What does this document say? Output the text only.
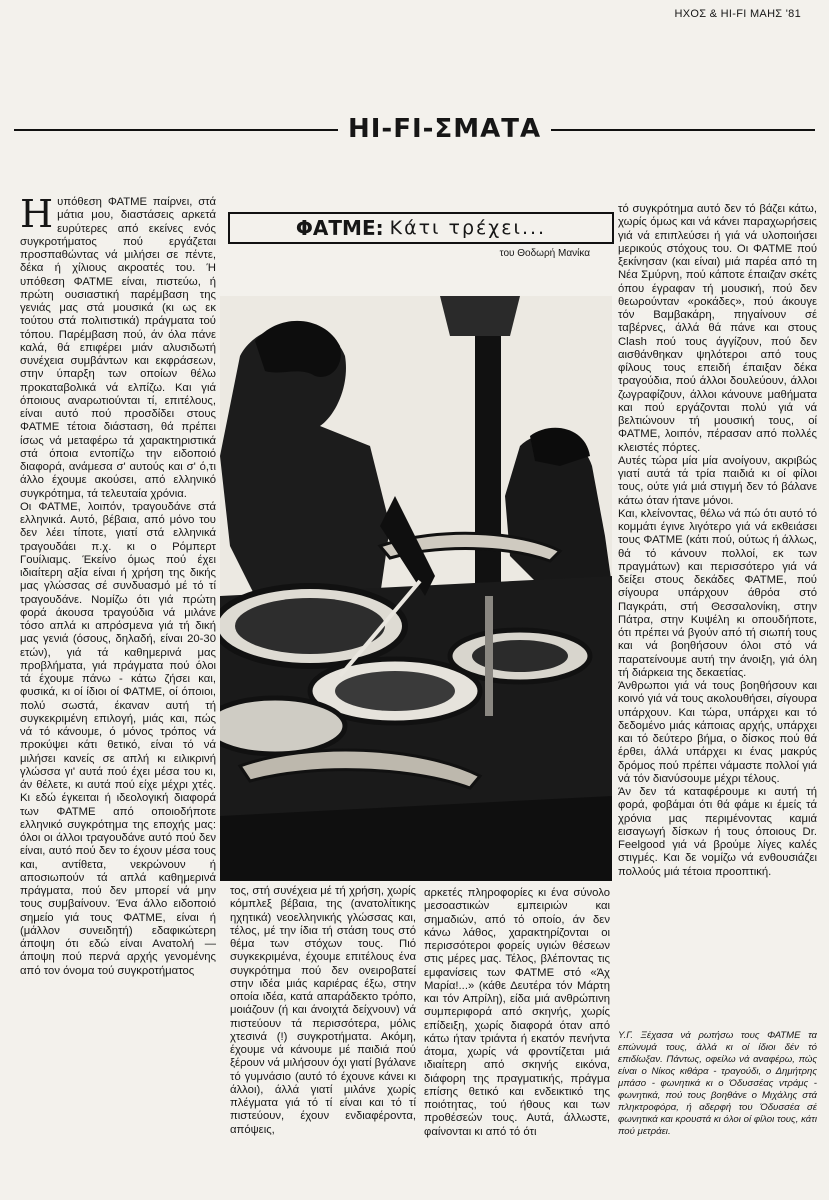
ΗΧΟΣ & HI-FI ΜΑΗΣ '81
HI-FI-ΣΜΑΤΑ

Ηυπόθεση ΦΑΤΜΕ παίρνει, στά μάτια μου, διαστάσεις αρκετά ευρύτερες από εκείνες ενός συγκροτήματος πού εργάζεται προσπαθώντας νά μιλήσει σε πέντε, δέκα ή χίλιους ακροατές του. Ή υπόθεση ΦΑΤΜΕ είναι, πιστεύω, ή πρώτη ουσιαστική παρέμβαση της γενιάς μας στά μουσικά (κι ως εκ τούτου στά πολιτιστικά) πράγματα τού τόπου. Παρέμβαση πού, άν όλα πάνε καλά, θά επιφέρει μιάν αλυσιδωτή συνέχεια συμβάντων και εκφράσεων, στην ύπαρξη των οποίων θέλω προκαταβολικά νά ελπίζω. Και γιά όποιους αναρωτιούνται τί, επιτέλους, είναι αυτό πού προσδίδει στους ΦΑΤΜΕ τέτοια διάσταση, θά πρέπει ίσως νά μεταφέρω τά χαρακτηριστικά στά όποια εντοπίζω την ειδοποιό διαφορά, ανάμεσα σ' αυτούς και σ' ό,τι άλλο έχουμε ακούσει, από ελληνικό συγκρότημα, τά τελευταία χρόνια.

Οι ΦΑΤΜΕ, λοιπόν, τραγουδάνε στά ελληνικά. Αυτό, βέβαια, από μόνο του δεν λέει τίποτε, γιατί στά ελληνικά τραγουδάει π.χ. κι ο Ρόμπερτ Γουίλιαμς. Έκείνο όμως πού έχει ιδιαίτερη αξία είναι ή χρήση της δικής μας γλώσσας σέ συνδυασμό μέ τό τί τραγουδάνε. Νομίζω ότι γιά πρώτη φορά άκουσα τραγούδια νά μιλάνε τόσο απλά κι απρόσμενα γιά τή δική μας γενιά (όσους, δηλαδή, είναι 20-30 ετών), γιά τά καθημερινά μας προβλήματα, γιά πράγματα πού όλοι τά έχουμε πάνω - κάτω ζήσει και, φυσικά, κι οί ίδιοι οί ΦΑΤΜΕ, οί όποιοι, πολύ σωστά, έκαναν αυτή τή συγκεκριμένη επιλογή, μιάς και, πώς νά τό κάνουμε, ό μόνος τρόπος νά προκύψει κάτι θετικό, είναι τό νά μιλήσει κανείς σε απλή κι ειλικρινή γλώσσα γι' αυτά πού έχει μέσα του κι, άν θέλετε, κι αυτά πού είχε μέχρι χτές. Κι εδώ έγκειται ή ιδεολογική διαφορά των ΦΑΤΜΕ από οποιοδήποτε ελληνικό συγκρότημα της εποχής μας: όλοι οι άλλοι τραγουδάνε αυτό πού δεν είναι, αυτό πού δεν το έχουν μέσα τους και, αντίθετα, νεκρώνουν ή αποσιωπούν τά απλά καθημερινά πράγματα, πού δεν μπορεί νά μην τους συμβαίνουν. Ένα άλλο ειδοποιό σημείο γιά τους ΦΑΤΜΕ, είναι ή (μάλλον συνειδητή) εδαφικώτερη άποψη ότι εδώ είναι Ανατολή — άποψη πού περνά αρχής γενομένης από τον όνομα τού συγκροτήματος

ΦΑΤΜΕ: Κάτι τρέχει...
του Θοδωρή Μανίκα

τος, στή συνέχεια μέ τή χρήση, χωρίς κόμπλεξ βέβαια, της (ανατολίτικης ηχητικά) νεοελληνικής γλώσσας και, τέλος, μέ την ίδια τή στάση τους στό θέμα των στόχων τους. Πιό συγκεκριμένα, έχουμε επιτέλους ένα συγκρότημα πού δεν ονειροβατεί στην ιδέα μιάς καριέρας έξω, στην οποία ιδέα, κατά απαράδεκτο τρόπο, μοιάζουν (ή και άνοιχτά δείχνουν) νά πιστεύουν τά περισσότερα, μόλις χτεσινά (!) συγκροτήματα. Ακόμη, έχουμε νά κάνουμε μέ παιδιά πού ξέρουν νά μιλήσουν όχι γιατί βγάλανε τό γυμνάσιο (αυτό τό έχουνε κάνει κι άλλοι), άλλά γιατί μιλάνε χωρίς πλέγματα γιά τό τί είναι και τό τί πιστεύουν, έχουν ενδιαφέροντα, απόψεις,

αρκετές πληροφορίες κι ένα σύνολο μεσοαστικών εμπειριών και σημαδιών, από τό οποίο, άν δεν κάνω λάθος, χαρακτηρίζονται οι περισσότεροι φορείς υγιών θέσεων στις μέρες μας. Τέλος, βλέποντας τις εμφανίσεις των ΦΑΤΜΕ στό «Άχ Μαρία!...» (κάθε Δευτέρα τόν Μάρτη και τόν Απρίλη), είδα μιά ανθρώπινη συμπεριφορά από σκηνής, χωρίς επίδειξη, χωρίς διαφορά όταν από κάτω ήταν τριάντα ή εκατόν πενήντα άτομα, χωρίς νά φροντίζεται μιά ιδιαίτερη από σκηνής εικόνα, διάφορη της πραγματικής, πράγμα επίσης θετικό και ενδεικτικό της ποιότητας, τού ήθους και των προθέσεών τους. Αυτά, άλλωστε, φαίνονται κι από τό ότι

τό συγκρότημα αυτό δεν τό βάζει κάτω, χωρίς όμως και νά κάνει παραχωρήσεις γιά νά επιπλεύσει ή γιά νά υλοποιήσει μερικούς στόχους του. Οι ΦΑΤΜΕ πού ξεκίνησαν (και είναι) μιά παρέα από τη Νέα Σμύρνη, πού κάποτε έπαιζαν σκέτς όπου έγραφαν τή μουσική, πού δεν θεωρούνταν «ροκάδες», πού άκουγε τόν Βαμβακάρη, πηγαίνουν σέ ταβέρνες, άλλά θά πάνε και στους Clash πού τους άγγίζουν, πού δεν αισθάνθηκαν ψηλότεροι από τους φίλους τους επειδή έπαιξαν δέκα τραγούδια, πού άλλοι δουλεύουν, άλλοι ζωγραφίζουν, άλλοι κάνουνε μαθήματα και πού εργάζονται πολύ γιά νά βελτιώνουν τή μουσική τους, οί ΦΑΤΜΕ, λοιπόν, πέρασαν από πολλές κλειστές πόρτες.

Αυτές τώρα μία μία ανοίγουν, ακριβώς γιατί αυτά τά τρία παιδιά κι οί φίλοι τους, ούτε γιά μιά στιγμή δεν τό βάλανε κάτω όταν ήτανε μόνοι.

Και, κλείνοντας, θέλω νά πώ ότι αυτό τό κομμάτι έγινε λιγότερο γιά νά εκθειάσει τους ΦΑΤΜΕ (κάτι πού, ούτως ή άλλως, θά τό κάνουν πολλοί, εκ των πραγμάτων) και περισσότερο γιά νά δείξει στους δεκάδες ΦΑΤΜΕ, πού σίγουρα υπάρχουν άθρόα στό Παγκράτι, στή Θεσσαλονίκη, στην Πάτρα, στην Κυψέλη κι οπουδήποτε, ότι πρέπει νά βγούν από τή σιωπή τους και νά βοηθήσουν όλοι στό νά παρατείνουμε αυτή την άνοιξη, γιά όλη τή διάρκεια της δεκαετίας.

Άνθρωποι γιά νά τους βοηθήσουν και κοινό γιά νά τους ακολουθήσει, σίγουρα υπάρχουν. Και τώρα, υπάρχει και τό δεδομένο μιάς κάποιας αρχής, υπάρχει και τό δεύτερο βήμα, ο δίσκος πού θά έρθει, άλλά υπάρχει κι ένας μακρύς δρόμος πού πρέπει νάμαστε πολλοί γιά νά τόν διανύσουμε μέχρι τέλους.

Άν δεν τά καταφέρουμε κι αυτή τή φορά, φοβάμαι ότι θά φάμε κι έμείς τά χρόνια μας περιμένοντας καμιά εισαγωγή δίσκων ή τους όποιους Dr. Feelgood γιά νά βρούμε λίγες καλές στιγμές. Και δε νομίζω νά ενθουσιάζει πολλούς μιά τέτοια προοπτική.

Υ.Γ. Ξέχασα νά ρωτήσω τους ΦΑΤΜΕ τα επώνυμά τους, άλλά κι οί ίδιοι δέν τό επιδίωξαν. Πάντως, οφείλω νά αναφέρω, πώς είναι ο Νίκος κιθάρα - τραγούδι, ο Δημήτρης μπάσο - φωνητικά κι ο Όδυσσέας ντράμς - φωνητικά, πού τους βοηθάνε ο Μιχάλης στά πληκτροφόρα, ή αδερφή του Όδυσσέα σέ φωνητικά και κρουστά κι όλοι οί φίλοι τους, κάτι πού μετράει.
